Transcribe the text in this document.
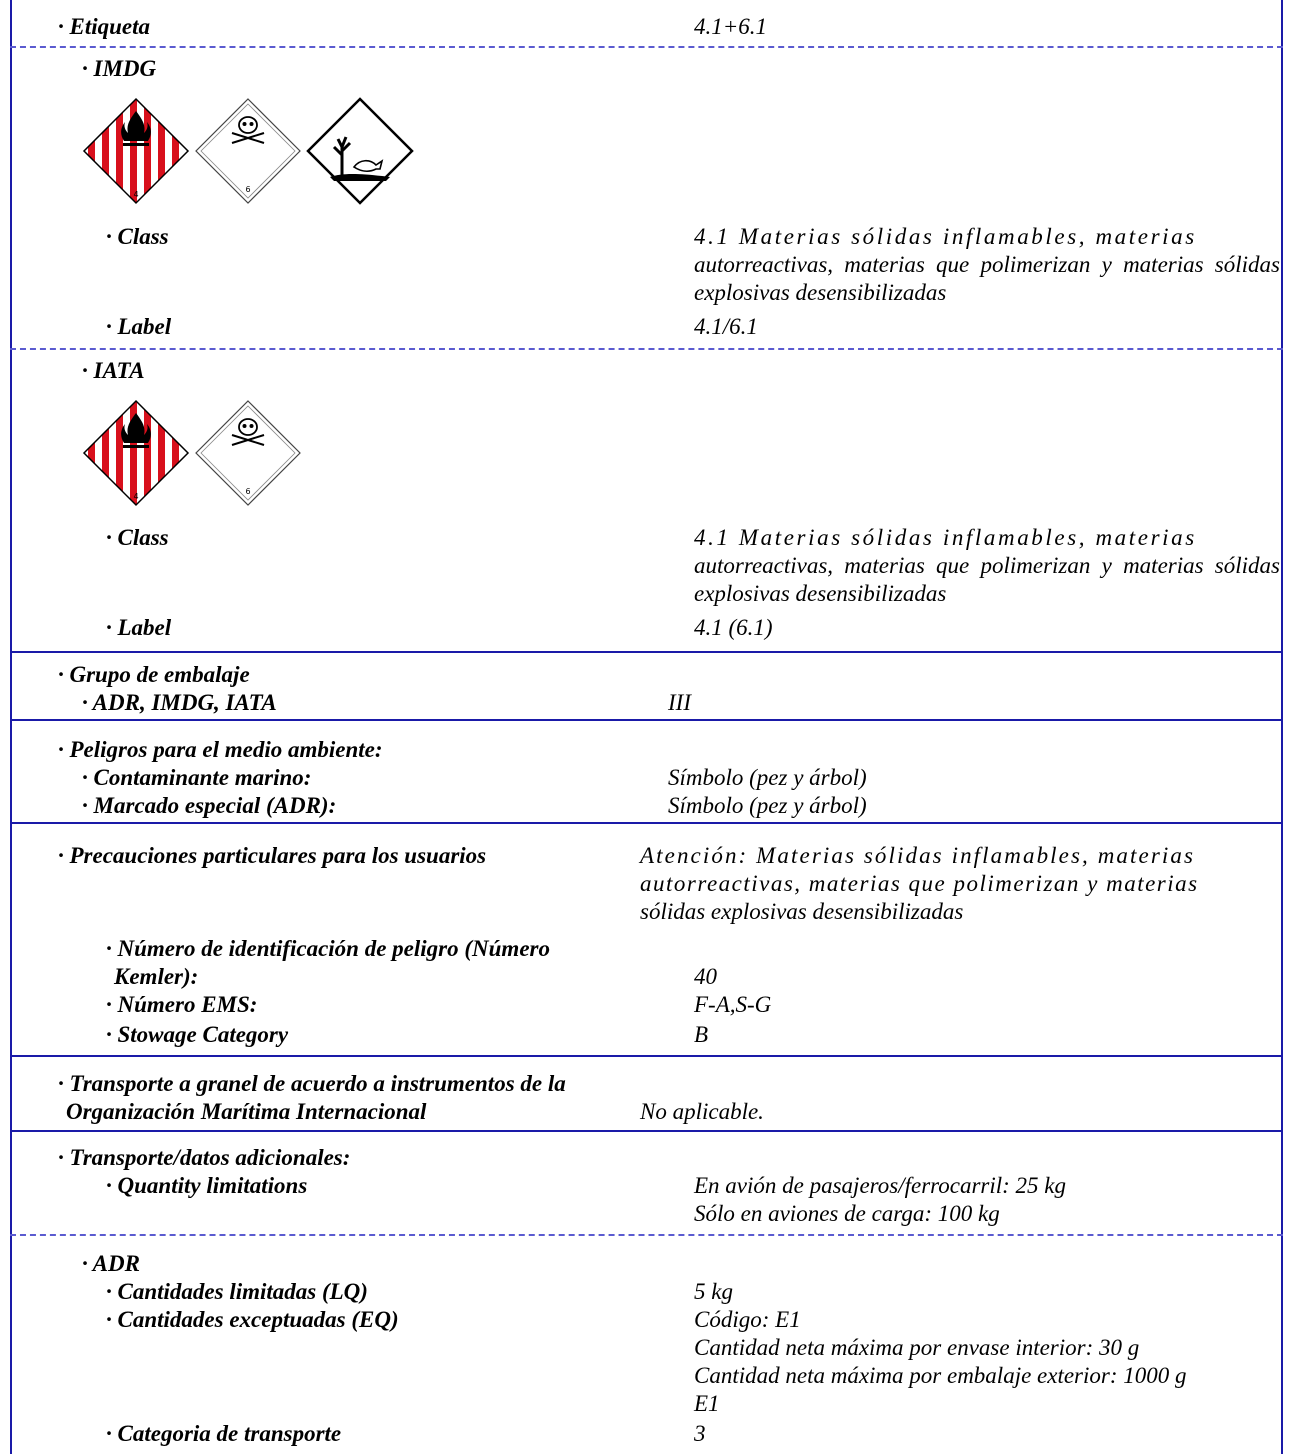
· Etiqueta	4.1+6.1
· IMDG
4
6
· Class	4.1 Materias sólidas inflamables, materias
autorreactivas, materias que polimerizan y materias sólidas explosivas desensibilizadas
· Label	4.1/6.1
· IATA
4
6
· Class	4.1 Materias sólidas inflamables, materias
autorreactivas, materias que polimerizan y materias sólidas explosivas desensibilizadas
· Label	4.1 (6.1)
· Grupo de embalaje
· ADR, IMDG, IATA	III
· Peligros para el medio ambiente:
· Contaminante marino:	Símbolo (pez y árbol)
· Marcado especial (ADR):	Símbolo (pez y árbol)
· Precauciones particulares para los usuarios	Atención: Materias sólidas inflamables, materias
autorreactivas, materias que polimerizan y materias
sólidas explosivas desensibilizadas
· Número de identificación de peligro (Número
Kemler):	40
· Número EMS:	F-A,S-G
· Stowage Category	B
· Transporte a granel de acuerdo a instrumentos de la
Organización Marítima Internacional	No aplicable.
· Transporte/datos adicionales:
· Quantity limitations	En avión de pasajeros/ferrocarril: 25 kg
Sólo en aviones de carga: 100 kg
· ADR
· Cantidades limitadas (LQ)	5 kg
· Cantidades exceptuadas (EQ)	Código: E1
Cantidad neta máxima por envase interior: 30 g
Cantidad neta máxima por embalaje exterior: 1000 g
E1
· Categoria de transporte	3
